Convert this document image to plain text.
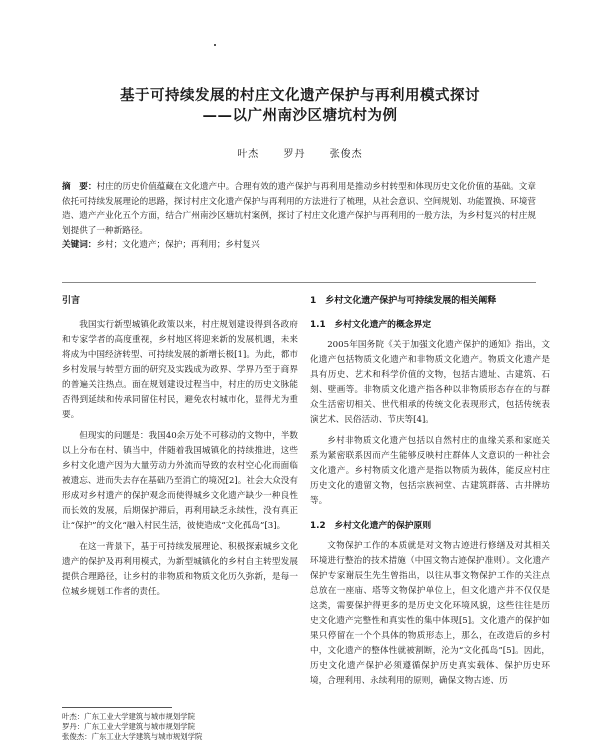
基于可持续发展的村庄文化遗产保护与再利用模式探讨
——以广州南沙区塘坑村为例
叶杰 罗丹 张俊杰

摘　要：村庄的历史价值蕴藏在文化遗产中。合理有效的遗产保护与再利用是推动乡村转型和体现历史文化价值的基础。文章依托可持续发展理论的思路，探讨村庄文化遗产保护与再利用的方法进行了梳理，从社会意识、空间规划、功能置换、环境营造、遗产产业化五个方面，结合广州南沙区塘坑村案例，探讨了村庄文化遗产保护与再利用的一般方法，为乡村复兴的村庄规划提供了一种新路径。

关键词：乡村；文化遗产；保护；再利用；乡村复兴

引言

我国实行新型城镇化政策以来，村庄规划建设得到各政府和专家学者的高度重视，乡村地区将迎来新的发展机遇，未来将成为中国经济转型、可持续发展的新增长极[1]。为此，都市乡村发展与转型方面的研究及实践成为政界、学界乃至于商界的普遍关注热点。面在规划建设过程当中，村庄的历史文脉能否得到延续和传承同留住村民，避免农村城市化，显得尤为重要。

但现实的问题是：我国40余万处不可移动的文物中，半数以上分布在村、镇当中，伴随着我国城镇化的持续推进，这些乡村文化遗产因为大量劳动力外流而导致的农村空心化而面临被遗忘、进而失去存在基础乃至消亡的境况[2]。社会大众没有形成对乡村遗产的保护观念而使得城乡文化遗产缺少一种良性而长效的发展，后期保护滞后，再利用缺乏永续性，没有真正让“保护”的文化“融入村民生活，彼使造成“文化孤岛”[3]。

在这一背景下，基于可持续发展理论、积极探索城乡文化遗产的保护及再利用模式，为新型城镇化的乡村自主转型发展提供合理路径，让乡村的非物质和物质文化历久弥新，是每一位城乡规划工作者的责任。

1　乡村文化遗产保护与可持续发展的相关阐释
1.1　乡村文化遗产的概念界定

2005年国务院《关于加强文化遗产保护的通知》指出，文化遗产包括物质文化遗产和非物质文化遗产。物质文化遗产是具有历史、艺术和科学价值的文物，包括古遗址、古建筑、石刻、壁画等。非物质文化遗产指各种以非物质形态存在的与群众生活密切相关、世代相承的传统文化表现形式，包括传统表演艺术、民俗活动、节庆等[4]。

乡村非物质文化遗产包括以自然村庄的血缘关系和家庭关系为紧密联系因而产生能够反映村庄群体人文意识的一种社会文化遗产。乡村物质文化遗产是指以物质为载体，能反应村庄历史文化的遗留文物，包括宗族祠堂、古建筑群落、古井牌坊等。

1.2　乡村文化遗产的保护原则

文物保护工作的本质就是对文物古迹进行修缮及对其相关环境进行整治的技术措施（中国文物古迹保护准则）。文化遗产保护专家谢辰生先生曾指出，以往从事文物保护工作的关注点总放在一座庙、塔等文物保护单位上，但文化遗产并不仅仅是这类，需要保护得更多的是历史文化环境风貌，这些往往是历史文化遗产完整性和真实性的集中体现[5]。文化遗产的保护如果只停留在一个个具体的物质形态上，那么，在改造后的乡村中，文化遗产的整体性就被割断，沦为“文化孤岛”[5]。因此，历史文化遗产保护必须遵循保护历史真实载体、保护历史环境，合理利用、永续利用的原则，确保文物古迹、历

叶杰：广东工业大学建筑与城市规划学院
罗丹：广东工业大学建筑与城市规划学院
张俊杰：广东工业大学建筑与城市规划学院
